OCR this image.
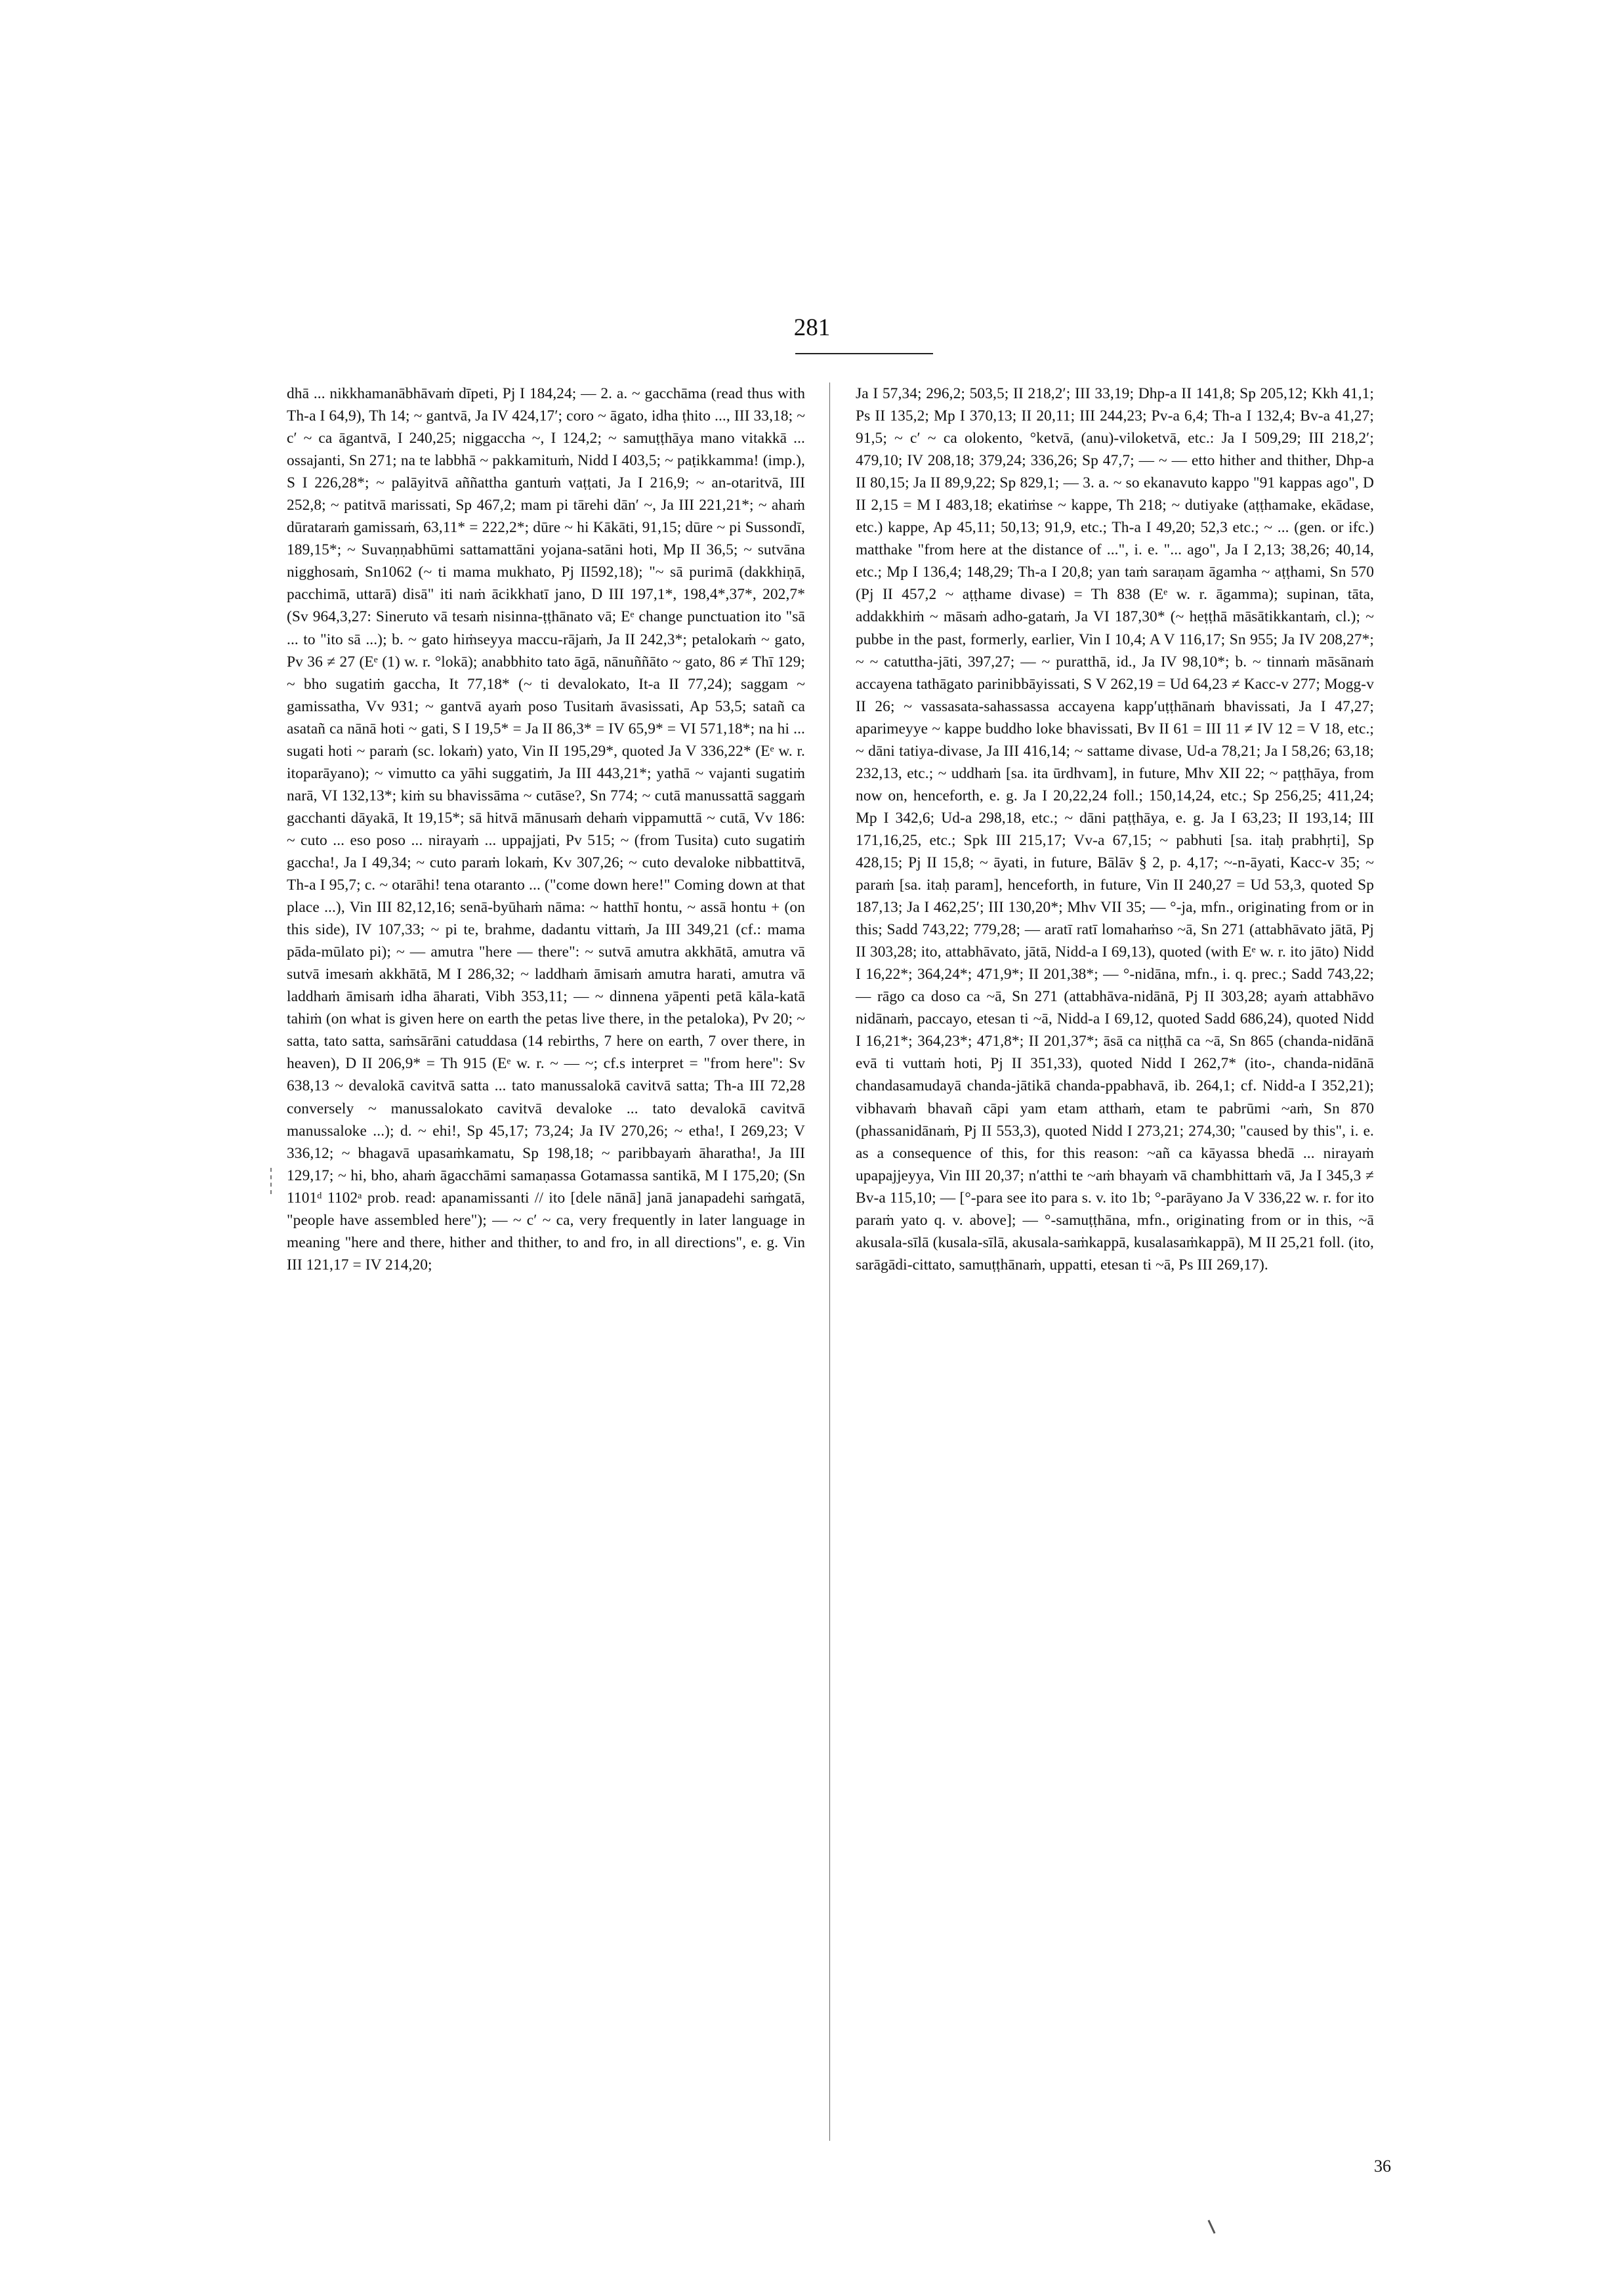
281

dhā ... nikkhamanābhāvaṁ dīpeti, Pj I 184,24; — 2. a. ~ gacchāma (read thus with Th-a I 64,9), Th 14; ~ gantvā, Ja IV 424,17′; coro ~ āgato, idha ṭhito ..., III 33,18; ~ c′ ~ ca āgantvā, I 240,25; niggaccha ~, I 124,2; ~ samuṭṭhāya mano vitakkā ... ossajanti, Sn 271; na te labbhā ~ pakkamituṁ, Nidd I 403,5; ~ paṭikkamma! (imp.), S I 226,28*; ~ palāyitvā aññattha gantuṁ vaṭṭati, Ja I 216,9; ~ an-otaritvā, III 252,8; ~ patitvā marissati, Sp 467,2; mam pi tārehi dān′ ~, Ja III 221,21*; ~ ahaṁ dūrataraṁ gamissaṁ, 63,11* = 222,2*; dūre ~ hi Kākāti, 91,15; dūre ~ pi Sussondī, 189,15*; ~ Suvaṇṇabhūmi sattamattāni yojana-satāni hoti, Mp II 36,5; ~ sutvāna nigghosaṁ, Sn1062 (~ ti mama mukhato, Pj II592,18); "~ sā purimā (dakkhiṇā, pacchimā, uttarā) disā" iti naṁ ācikkhatī jano, D III 197,1*, 198,4*,37*, 202,7* (Sv 964,3,27: Sineruto vā tesaṁ nisinna-ṭṭhānato vā; Eᵉ change punctuation ito "sā ... to "ito sā ...); b. ~ gato hiṁseyya maccu-rājaṁ, Ja II 242,3*; petalokaṁ ~ gato, Pv 36 ≠ 27 (Eᵉ (1) w. r. °lokā); anabbhito tato āgā, nānuññāto ~ gato, 86 ≠ Thī 129; ~ bho sugatiṁ gaccha, It 77,18* (~ ti devalokato, It-a II 77,24); saggam ~ gamissatha, Vv 931; ~ gantvā ayaṁ poso Tusitaṁ āvasissati, Ap 53,5; satañ ca asatañ ca nānā hoti ~ gati, S I 19,5* = Ja II 86,3* = IV 65,9* = VI 571,18*; na hi ... sugati hoti ~ paraṁ (sc. lokaṁ) yato, Vin II 195,29*, quoted Ja V 336,22* (Eᵉ w. r. itoparāyano); ~ vimutto ca yāhi suggatiṁ, Ja III 443,21*; yathā ~ vajanti sugatiṁ narā, VI 132,13*; kiṁ su bhavissāma ~ cutāse?, Sn 774; ~ cutā manussattā saggaṁ gacchanti dāyakā, It 19,15*; sā hitvā mānusaṁ dehaṁ vippamuttā ~ cutā, Vv 186: ~ cuto ... eso poso ... nirayaṁ ... uppajjati, Pv 515; ~ (from Tusita) cuto sugatiṁ gaccha!, Ja I 49,34; ~ cuto paraṁ lokaṁ, Kv 307,26; ~ cuto devaloke nibbattitvā, Th-a I 95,7; c. ~ otarāhi! tena otaranto ... ("come down here!" Coming down at that place ...), Vin III 82,12,16; senā-byūhaṁ nāma: ~ hatthī hontu, ~ assā hontu + (on this side), IV 107,33; ~ pi te, brahme, dadantu vittaṁ, Ja III 349,21 (cf.: mama pāda-mūlato pi); ~ — amutra "here — there": ~ sutvā amutra akkhātā, amutra vā sutvā imesaṁ akkhātā, M I 286,32; ~ laddhaṁ āmisaṁ amutra harati, amutra vā laddhaṁ āmisaṁ idha āharati, Vibh 353,11; — ~ dinnena yāpenti petā kāla-katā tahiṁ (on what is given here on earth the petas live there, in the petaloka), Pv 20; ~ satta, tato satta, saṁsārāni catuddasa (14 rebirths, 7 here on earth, 7 over there, in heaven), D II 206,9* = Th 915 (Eᵉ w. r. ~ — ~; cf.s interpret = "from here": Sv 638,13 ~ devalokā cavitvā satta ... tato manussalokā cavitvā satta; Th-a III 72,28 conversely ~ manussalokato cavitvā devaloke ... tato devalokā cavitvā manussaloke ...); d. ~ ehi!, Sp 45,17; 73,24; Ja IV 270,26; ~ etha!, I 269,23; V 336,12; ~ bhagavā upasaṁkamatu, Sp 198,18; ~ paribbayaṁ āharatha!, Ja III 129,17; ~ hi, bho, ahaṁ āgacchāmi samaṇassa Gotamassa santikā, M I 175,20; (Sn 1101ᵈ 1102ᵃ prob. read: apanamissanti // ito [dele nānā] janā janapadehi saṁgatā, "people have assembled here"); — ~ c′ ~ ca, very frequently in later language in meaning "here and there, hither and thither, to and fro, in all directions", e. g. Vin III 121,17 = IV 214,20;

Ja I 57,34; 296,2; 503,5; II 218,2′; III 33,19; Dhp-a II 141,8; Sp 205,12; Kkh 41,1; Ps II 135,2; Mp I 370,13; II 20,11; III 244,23; Pv-a 6,4; Th-a I 132,4; Bv-a 41,27; 91,5; ~ c′ ~ ca olokento, °ketvā, (anu)-viloketvā, etc.: Ja I 509,29; III 218,2′; 479,10; IV 208,18; 379,24; 336,26; Sp 47,7; — ~ — etto hither and thither, Dhp-a II 80,15; Ja II 89,9,22; Sp 829,1; — 3. a. ~ so ekanavuto kappo "91 kappas ago", D II 2,15 = M I 483,18; ekatiṁse ~ kappe, Th 218; ~ dutiyake (aṭṭhamake, ekādase, etc.) kappe, Ap 45,11; 50,13; 91,9, etc.; Th-a I 49,20; 52,3 etc.; ~ ... (gen. or ifc.) matthake "from here at the distance of ...", i. e. "... ago", Ja I 2,13; 38,26; 40,14, etc.; Mp I 136,4; 148,29; Th-a I 20,8; yan taṁ saraṇam āgamha ~ aṭṭhami, Sn 570 (Pj II 457,2 ~ aṭṭhame divase) = Th 838 (Eᵉ w. r. āgamma); supinan, tāta, addakkhiṁ ~ māsaṁ adho-gataṁ, Ja VI 187,30* (~ heṭṭhā māsātikkantaṁ, cl.); ~ pubbe in the past, formerly, earlier, Vin I 10,4; A V 116,17; Sn 955; Ja IV 208,27*; ~ ~ catuttha-jāti, 397,27; — ~ puratthā, id., Ja IV 98,10*; b. ~ tinnaṁ māsānaṁ accayena tathāgato parinibbāyissati, S V 262,19 = Ud 64,23 ≠ Kacc-v 277; Mogg-v II 26; ~ vassasata-sahassassa accayena kapp′uṭṭhānaṁ bhavissati, Ja I 47,27; aparimeyye ~ kappe buddho loke bhavissati, Bv II 61 = III 11 ≠ IV 12 = V 18, etc.; ~ dāni tatiya-divase, Ja III 416,14; ~ sattame divase, Ud-a 78,21; Ja I 58,26; 63,18; 232,13, etc.; ~ uddhaṁ [sa. ita ūrdhvam], in future, Mhv XII 22; ~ paṭṭhāya, from now on, henceforth, e. g. Ja I 20,22,24 foll.; 150,14,24, etc.; Sp 256,25; 411,24; Mp I 342,6; Ud-a 298,18, etc.; ~ dāni paṭṭhāya, e. g. Ja I 63,23; II 193,14; III 171,16,25, etc.; Spk III 215,17; Vv-a 67,15; ~ pabhuti [sa. itaḥ prabhṛti], Sp 428,15; Pj II 15,8; ~ āyati, in future, Bālāv § 2, p. 4,17; ~-n-āyati, Kacc-v 35; ~ paraṁ [sa. itaḥ param], henceforth, in future, Vin II 240,27 = Ud 53,3, quoted Sp 187,13; Ja I 462,25′; III 130,20*; Mhv VII 35; — °-ja, mfn., originating from or in this; Sadd 743,22; 779,28; — aratī ratī lomahaṁso ~ā, Sn 271 (attabhāvato jātā, Pj II 303,28; ito, attabhāvato, jātā, Nidd-a I 69,13), quoted (with Eᵉ w. r. ito jāto) Nidd I 16,22*; 364,24*; 471,9*; II 201,38*; — °-nidāna, mfn., i. q. prec.; Sadd 743,22; — rāgo ca doso ca ~ā, Sn 271 (attabhāva-nidānā, Pj II 303,28; ayaṁ attabhāvo nidānaṁ, paccayo, etesan ti ~ā, Nidd-a I 69,12, quoted Sadd 686,24), quoted Nidd I 16,21*; 364,23*; 471,8*; II 201,37*; āsā ca niṭṭhā ca ~ā, Sn 865 (chanda-nidānā evā ti vuttaṁ hoti, Pj II 351,33), quoted Nidd I 262,7* (ito-, chanda-nidānā chandasamudayā chanda-jātikā chanda-ppabhavā, ib. 264,1; cf. Nidd-a I 352,21); vibhavaṁ bhavañ cāpi yam etam atthaṁ, etam te pabrūmi ~aṁ, Sn 870 (phassanidānaṁ, Pj II 553,3), quoted Nidd I 273,21; 274,30; "caused by this", i. e. as a consequence of this, for this reason: ~añ ca kāyassa bhedā ... nirayaṁ upapajjeyya, Vin III 20,37; n′atthi te ~aṁ bhayaṁ vā chambhittaṁ vā, Ja I 345,3 ≠ Bv-a 115,10; — [°-para see ito para s. v. ito 1b; °-parāyano Ja V 336,22 w. r. for ito paraṁ yato q. v. above]; — °-samuṭṭhāna, mfn., originating from or in this, ~ā akusala-sīlā (kusala-sīlā, akusala-saṁkappā, kusalasaṁkappā), M II 25,21 foll. (ito, sarāgādi-cittato, samuṭṭhānaṁ, uppatti, etesan ti ~ā, Ps III 269,17).

36
